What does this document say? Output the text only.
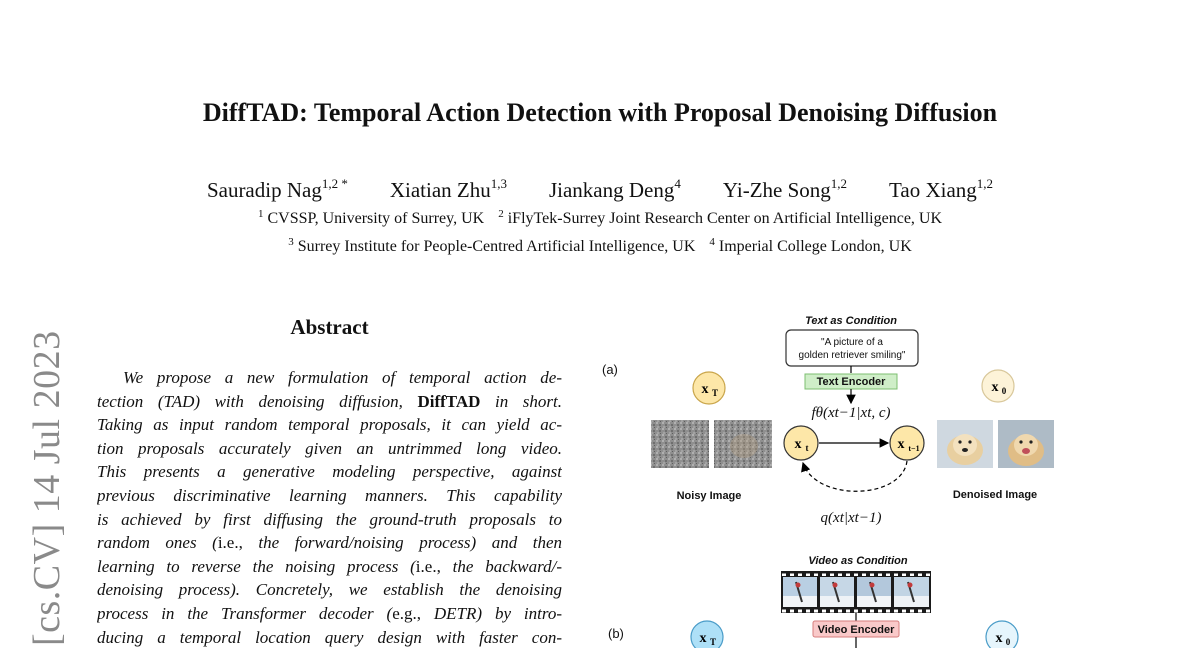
[cs.CV] 14 Jul 2023
DiffTAD: Temporal Action Detection with Proposal Denoising Diffusion
Sauradip Nag$^{1,2 *}$ Xiatian Zhu$^{1,3}$ Jiankang Deng$^4$ Yi-Zhe Song$^{1,2}$ Tao Xiang$^{1,2}$
$^1$ CVSSP, University of Surrey, UK $^2$ iFlyTek-Surrey Joint Research Center on Artificial Intelligence, UK
$^3$ Surrey Institute for People-Centred Artificial Intelligence, UK $^4$ Imperial College London, UK
Abstract
We propose a new formulation of temporal action de-
tection (TAD) with denoising diffusion, DiffTAD in short.
Taking as input random temporal proposals, it can yield ac-
tion proposals accurately given an untrimmed long video.
This presents a generative modeling perspective, against
previous discriminative learning manners. This capability
is achieved by first diffusing the ground-truth proposals to
random ones (i.e., the forward/noising process) and then
learning to reverse the noising process (i.e., the backward/-
denoising process). Concretely, we establish the denoising
process in the Transformer decoder (e.g., DETR) by intro-
ducing a temporal location query design with faster con-
(a)
Text as Condition
"A picture of a
golden retriever smiling"
Text Encoder
fθ(xt−1|xt, c)
x T	x 0
x t	x t−1
Noisy Image	Denoised Image
q(xt|xt−1)
Video as Condition
Video Encoder
(b)	x T	x 0
